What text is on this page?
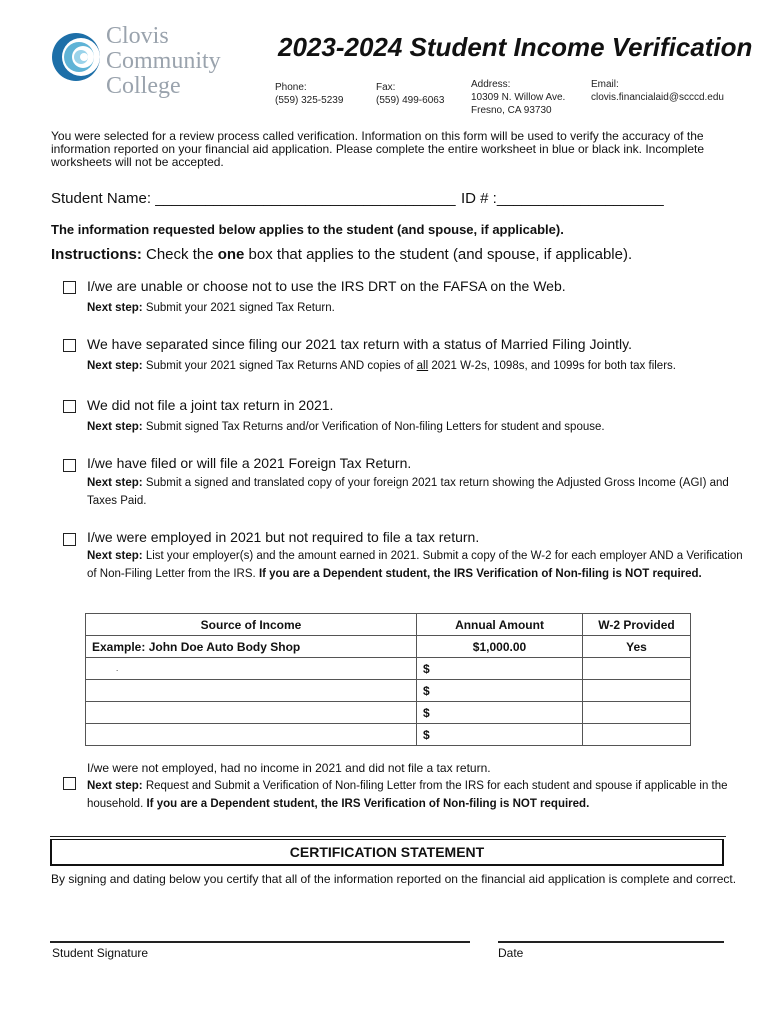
Clovis
Community
College
2023-2024 Student Income Verification
Phone:
(559) 325-5239
Fax:
(559) 499-6063
Address:
10309 N. Willow Ave.
Fresno, CA 93730
Email:
clovis.financialaid@scccd.edu
You were selected for a review process called verification. Information on this form will be used to verify the accuracy of the information reported on your financial aid application. Please complete the entire worksheet in blue or black ink. Incomplete worksheets will not be accepted.
Student Name: ____________________________________ ID # :____________________
The information requested below applies to the student (and spouse, if applicable).
Instructions: Check the one box that applies to the student (and spouse, if applicable).
I/we are unable or choose not to use the IRS DRT on the FAFSA on the Web.
Next step: Submit your 2021 signed Tax Return.
We have separated since filing our 2021 tax return with a status of Married Filing Jointly.
Next step: Submit your 2021 signed Tax Returns AND copies of all 2021 W-2s, 1098s, and 1099s for both tax filers.
We did not file a joint tax return in 2021.
Next step: Submit signed Tax Returns and/or Verification of Non-filing Letters for student and spouse.
I/we have filed or will file a 2021 Foreign Tax Return.
Next step: Submit a signed and translated copy of your foreign 2021 tax return showing the Adjusted Gross Income (AGI) and Taxes Paid.
I/we were employed in 2021 but not required to file a tax return.
Next step: List your employer(s) and the amount earned in 2021. Submit a copy of the W-2 for each employer AND a Verification of Non-Filing Letter from the IRS. If you are a Dependent student, the IRS Verification of Non-filing is NOT required.
Source of Income	Annual Amount	W-2 Provided
Example: John Doe Auto Body Shop	$1,000.00	Yes
.	$	
	$	
	$	
	$	
I/we were not employed, had no income in 2021 and did not file a tax return.
Next step: Request and Submit a Verification of Non-filing Letter from the IRS for each student and spouse if applicable in the household. If you are a Dependent student, the IRS Verification of Non-filing is NOT required.
CERTIFICATION STATEMENT
By signing and dating below you certify that all of the information reported on the financial aid application is complete and correct.
Student Signature	Date
